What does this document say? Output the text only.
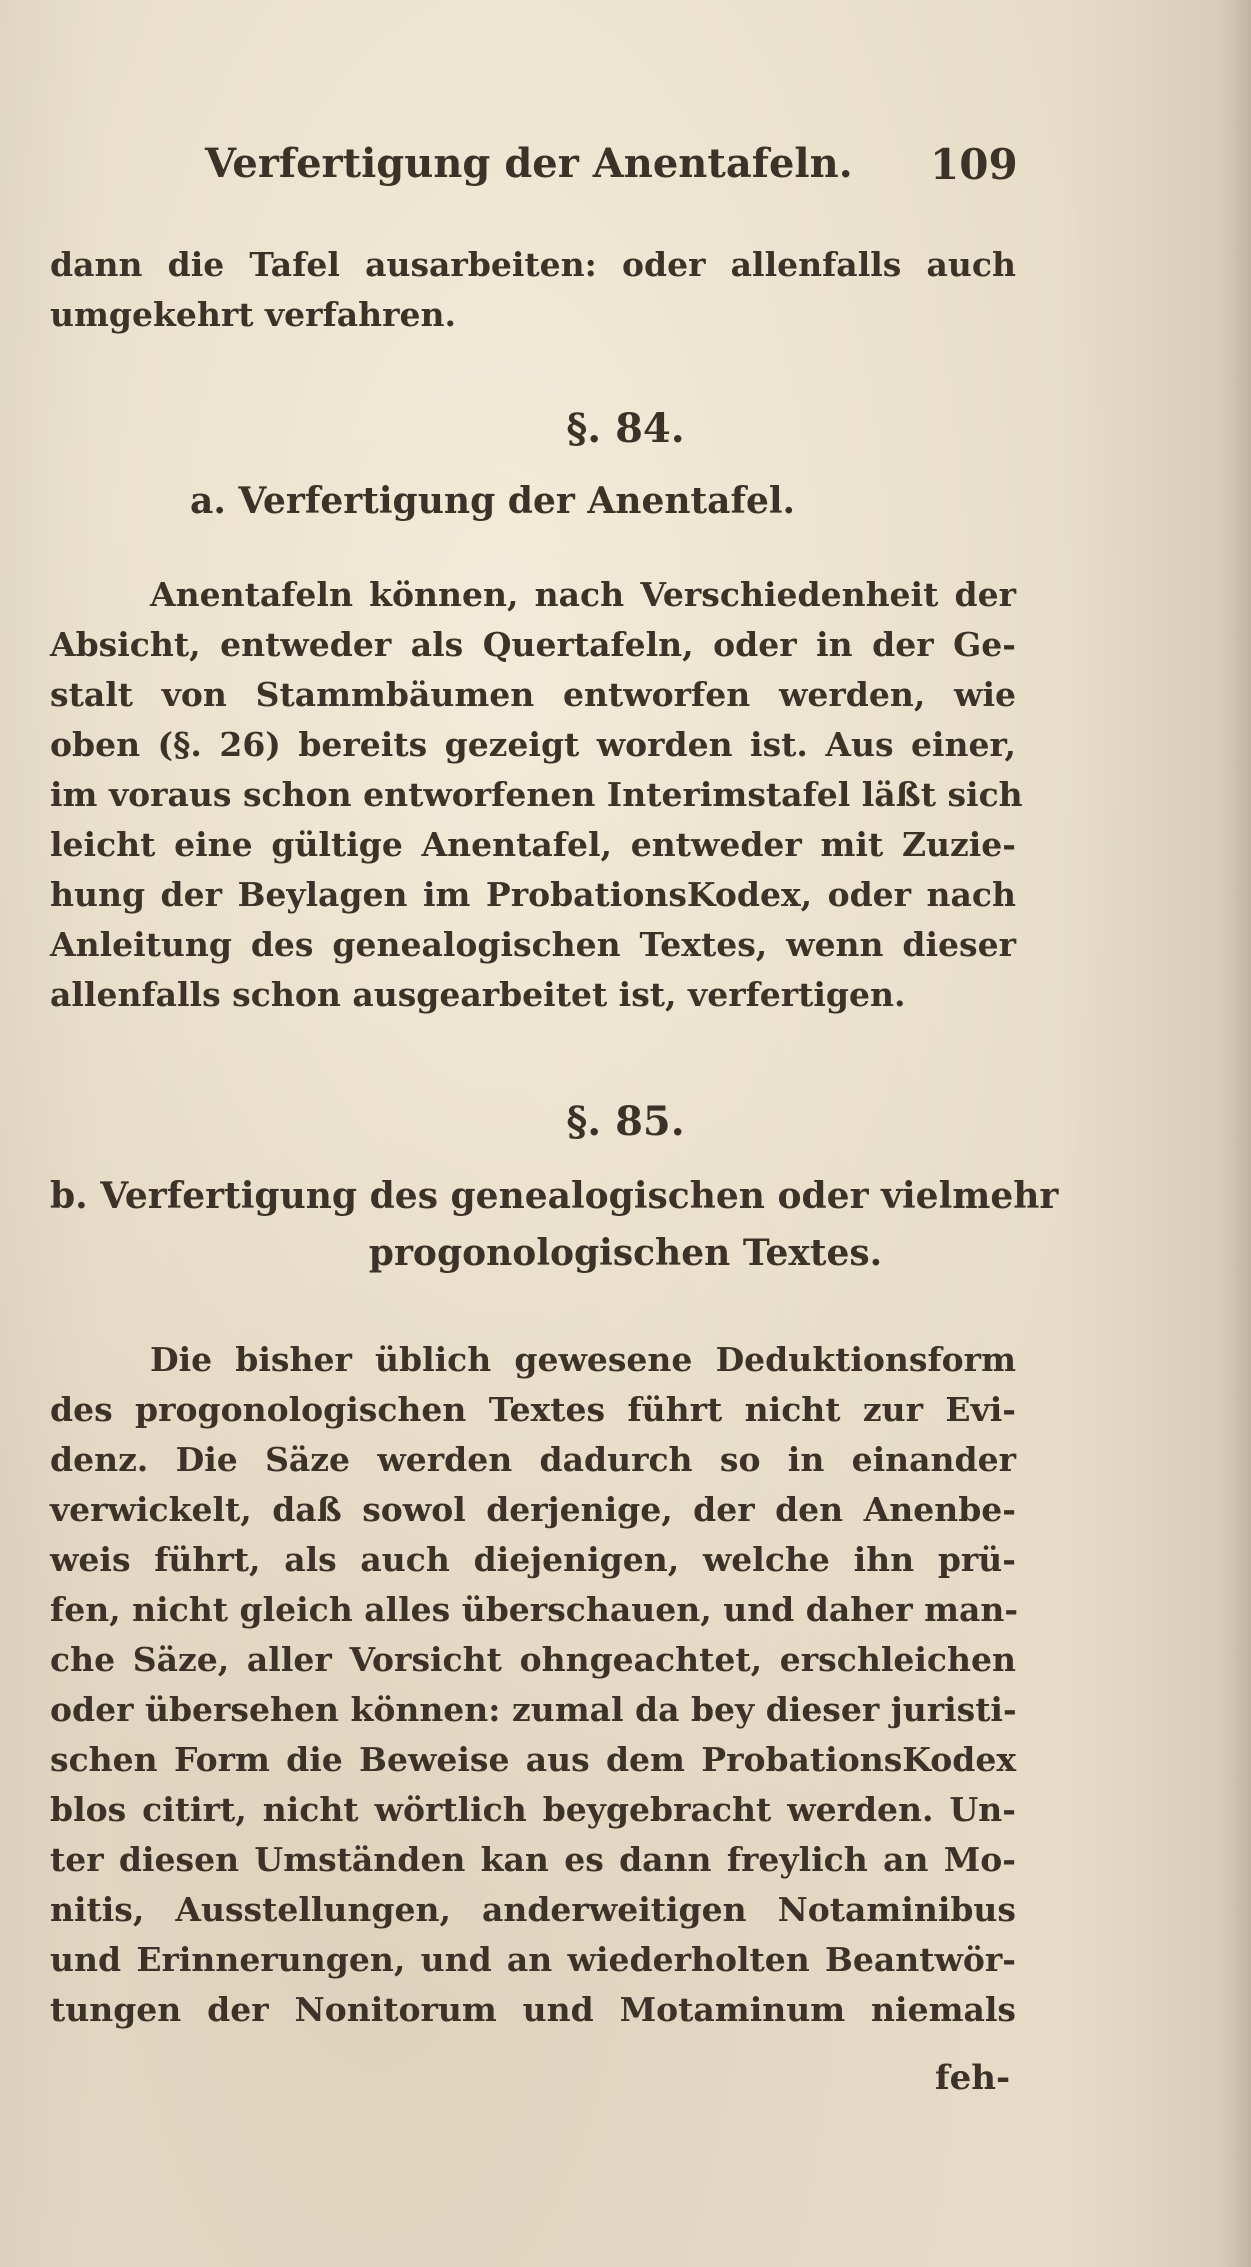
Verfertigung der Anentafeln. 109
dann die Tafel ausarbeiten: oder allenfalls auch
umgekehrt verfahren.
§. 84.
a. Verfertigung der Anentafel.
Anentafeln können, nach Verschiedenheit der
Absicht, entweder als Quertafeln, oder in der Ge-
stalt von Stammbäumen entworfen werden, wie
oben (§. 26) bereits gezeigt worden ist. Aus einer,
im voraus schon entworfenen Interimstafel läßt sich
leicht eine gültige Anentafel, entweder mit Zuzie-
hung der Beylagen im ProbationsKodex, oder nach
Anleitung des genealogischen Textes, wenn dieser
allenfalls schon ausgearbeitet ist, verfertigen.
§. 85.
b. Verfertigung des genealogischen oder vielmehr
progonologischen Textes.
Die bisher üblich gewesene Deduktionsform
des progonologischen Textes führt nicht zur Evi-
denz. Die Säze werden dadurch so in einander
verwickelt, daß sowol derjenige, der den Anenbe-
weis führt, als auch diejenigen, welche ihn prü-
fen, nicht gleich alles überschauen, und daher man-
che Säze, aller Vorsicht ohngeachtet, erschleichen
oder übersehen können: zumal da bey dieser juristi-
schen Form die Beweise aus dem ProbationsKodex
blos citirt, nicht wörtlich beygebracht werden. Un-
ter diesen Umständen kan es dann freylich an Mo-
nitis, Ausstellungen, anderweitigen Notaminibus
und Erinnerungen, und an wiederholten Beantwör-
tungen der Nonitorum und Motaminum niemals
feh-
